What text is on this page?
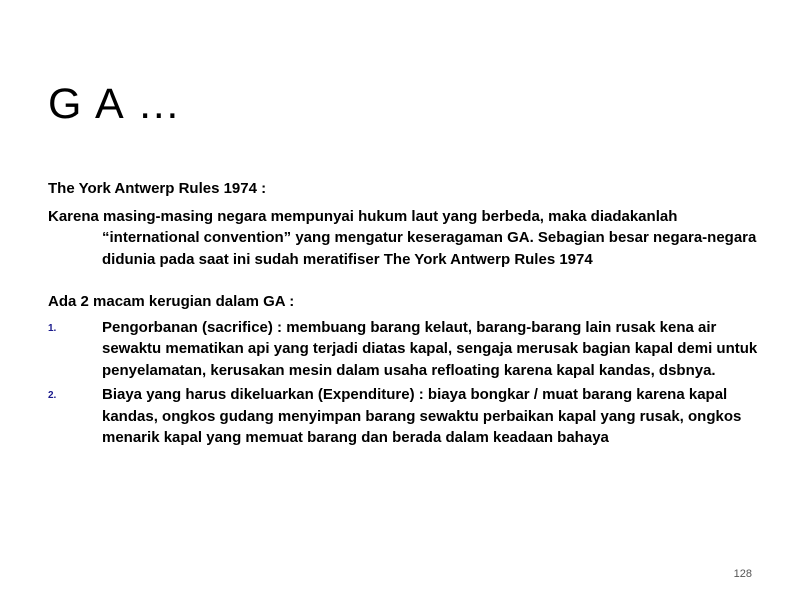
G A …

The York Antwerp Rules 1974 :

Karena masing-masing negara mempunyai hukum laut yang berbeda, maka diadakanlah “international convention” yang mengatur keseragaman GA. Sebagian besar negara-negara didunia pada saat ini sudah meratifiser The York Antwerp Rules 1974

Ada 2 macam kerugian dalam GA :

1.	Pengorbanan (sacrifice) : membuang barang kelaut, barang-barang lain rusak kena air sewaktu mematikan api yang terjadi diatas kapal, sengaja merusak bagian kapal demi untuk penyelamatan, kerusakan mesin dalam usaha refloating karena kapal kandas, dsbnya.
2.	Biaya yang harus dikeluarkan (Expenditure) : biaya bongkar / muat barang karena kapal kandas, ongkos gudang menyimpan barang sewaktu perbaikan kapal yang rusak, ongkos menarik kapal yang memuat barang dan berada dalam keadaan bahaya
128
